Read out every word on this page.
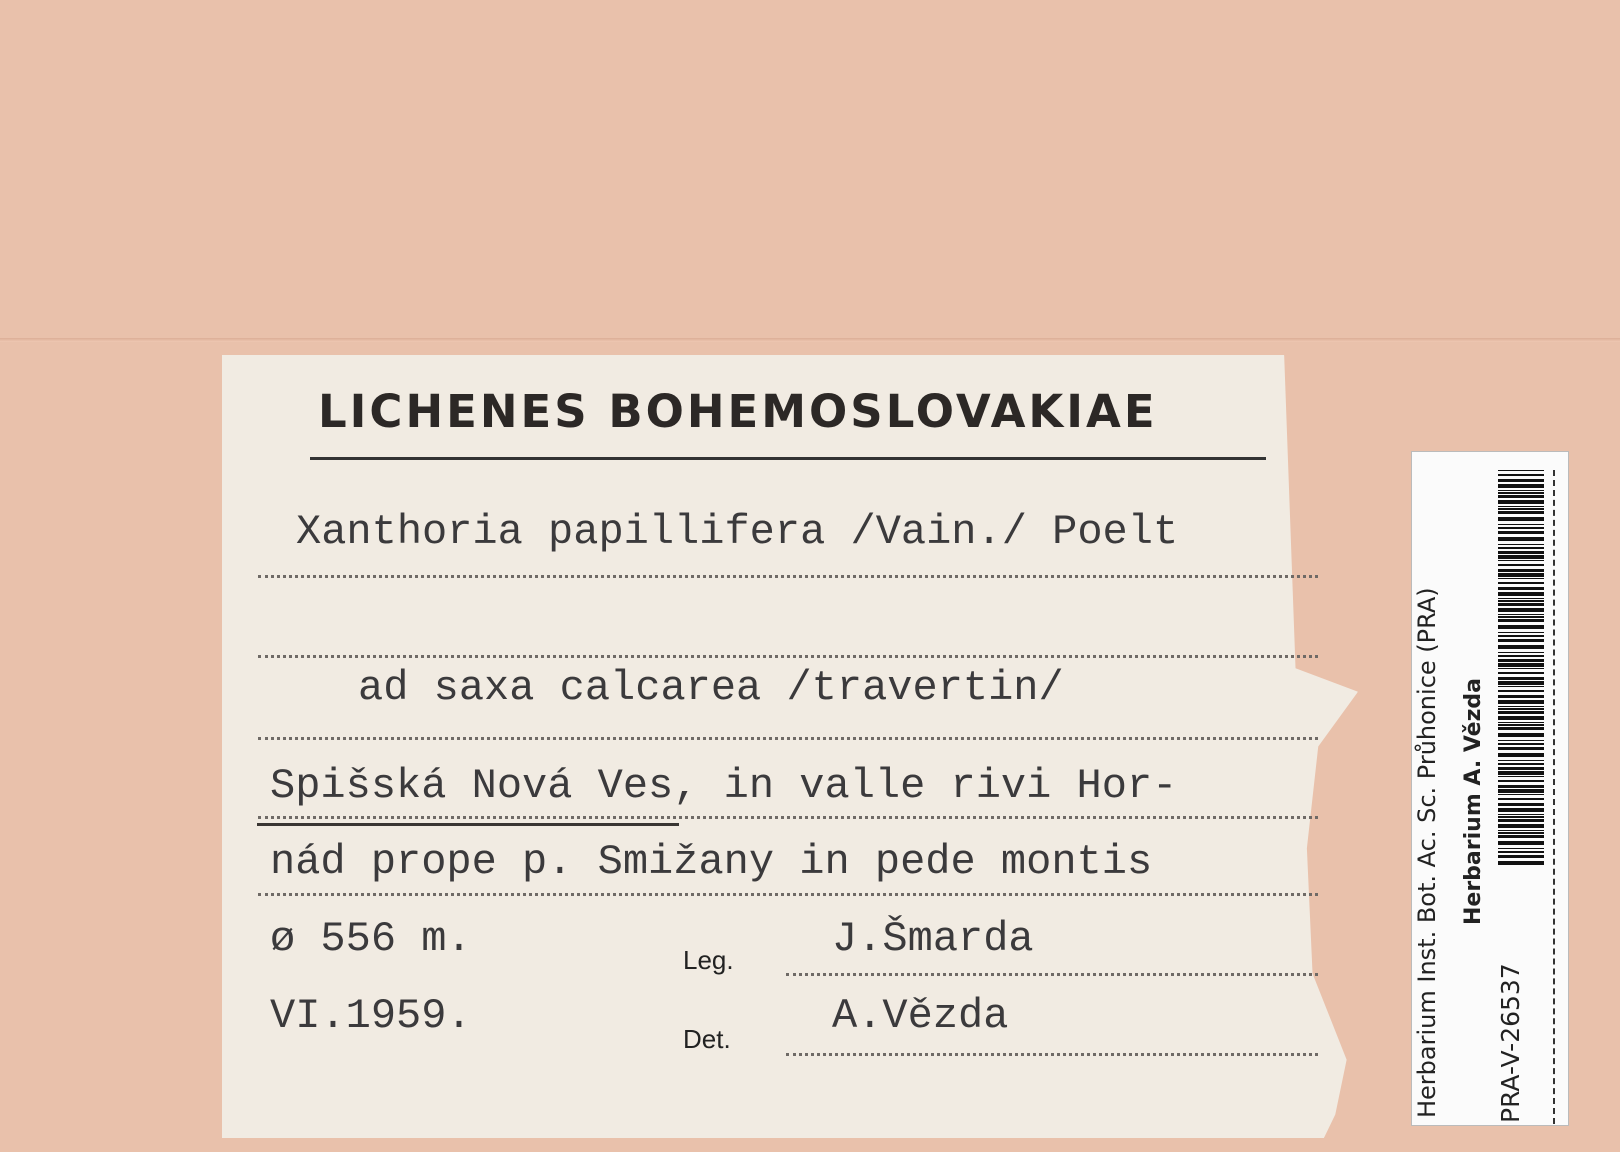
LICHENES BOHEMOSLOVAKIAE
Xanthoria papillifera /Vain./ Poelt
ad saxa calcarea /travertin/
Spišská Nová Ves, in valle rivi Hor-
nád prope p. Smižany in pede montis
ø 556 m.	Leg. J.Šmarda
VI.1959.	Det. A.Vězda	Herbarium Inst. Bot. Ac. Sc. Průhonice (PRA) Herbarium A. Vězda
PRA-V-26537
